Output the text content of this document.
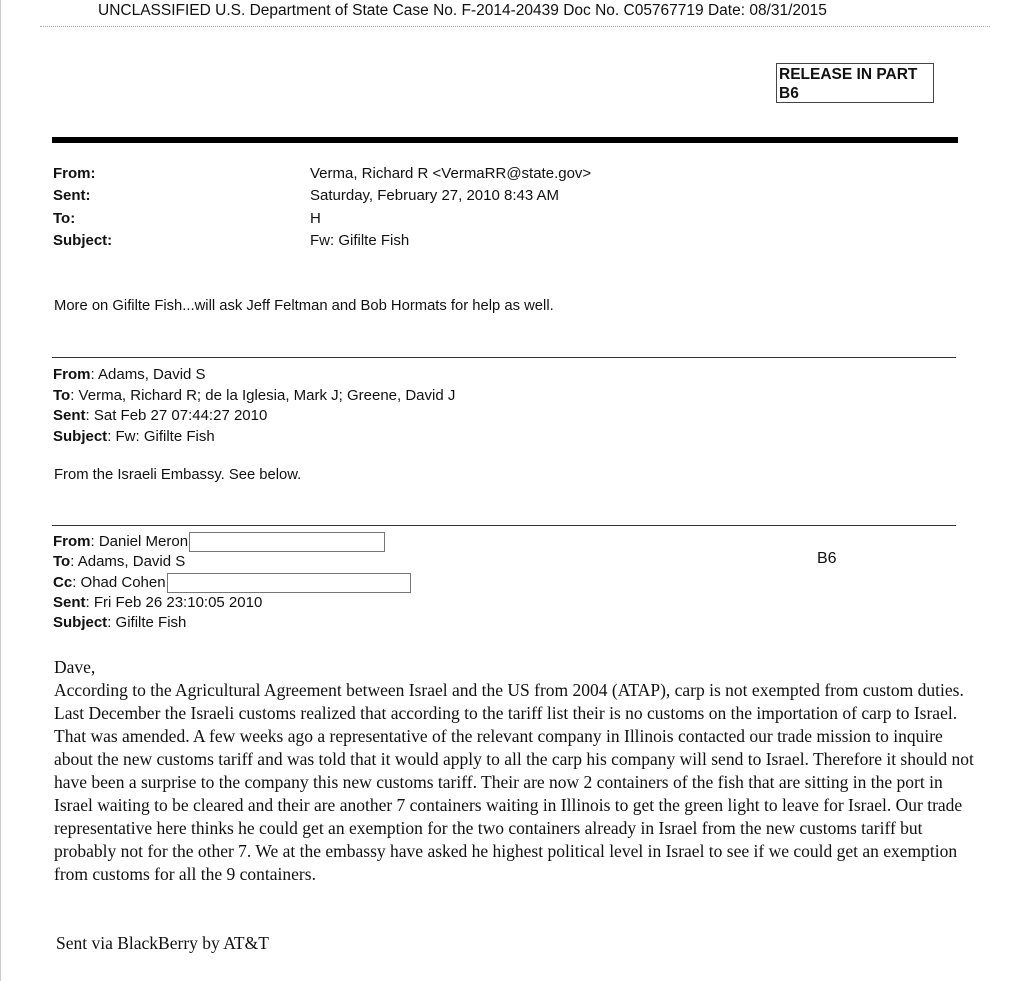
UNCLASSIFIED U.S. Department of State Case No. F-2014-20439 Doc No. C05767719 Date: 08/31/2015
RELEASE IN PART
B6
From:	Verma, Richard R <VermaRR@state.gov>
Sent:	Saturday, February 27, 2010 8:43 AM
To:	H
Subject:	Fw: Gifilte Fish
More on Gifilte Fish...will ask Jeff Feltman and Bob Hormats for help as well.
From: Adams, David S
To: Verma, Richard R; de la Iglesia, Mark J; Greene, David J
Sent: Sat Feb 27 07:44:27 2010
Subject: Fw: Gifilte Fish
From the Israeli Embassy. See below.
From: Daniel Meron
To: Adams, David S
Cc: Ohad Cohen
Sent: Fri Feb 26 23:10:05 2010
Subject: Gifilte Fish
B6

Dave,

According to the Agricultural Agreement between Israel and the US from 2004 (ATAP), carp is not exempted from custom duties. Last December the Israeli customs realized that according to the tariff list their is no customs on the importation of carp to Israel. That was amended. A few weeks ago a representative of the relevant company in Illinois contacted our trade mission to inquire about the new customs tariff and was told that it would apply to all the carp his company will send to Israel. Therefore it should not have been a surprise to the company this new customs tariff. Their are now 2 containers of the fish that are sitting in the port in Israel waiting to be cleared and their are another 7 containers waiting in Illinois to get the green light to leave for Israel. Our trade representative here thinks he could get an exemption for the two containers already in Israel from the new customs tariff but probably not for the other 7. We at the embassy have asked he highest political level in Israel to see if we could get an exemption from customs for all the 9 containers.

Sent via BlackBerry by AT&T
